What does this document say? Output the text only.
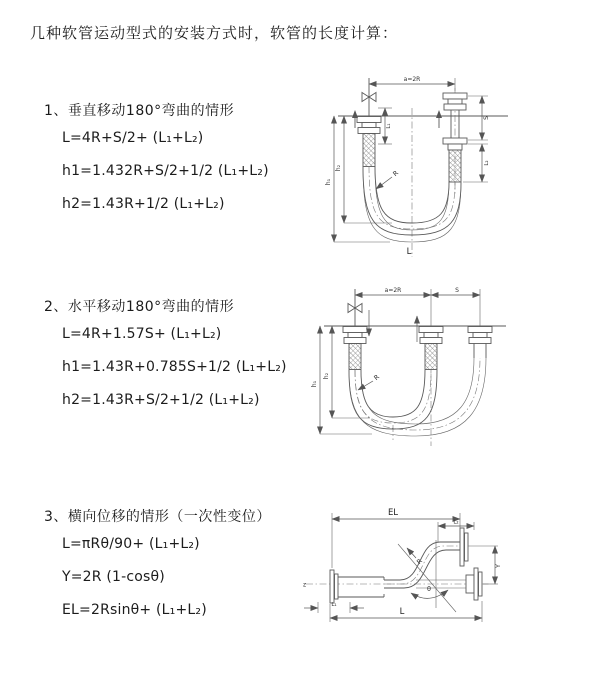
几种软管运动型式的安装方式时，软管的长度计算：
1、垂直移动180°弯曲的情形
L=4R+S/2+ (L₁+L₂)
h1=1.432R+S/2+1/2 (L₁+L₂)
h2=1.43R+1/2 (L₁+L₂)
2、水平移动180°弯曲的情形
L=4R+1.57S+ (L₁+L₂)
h1=1.43R+0.785S+1/2 (L₁+L₂)
h2=1.43R+S/2+1/2 (L₁+L₂)
3、横向位移的情形（一次性变位）
L=πRθ/90+ (L₁+L₂)
Y=2R (1-cosθ)
EL=2Rsinθ+ (L₁+L₂)
a=2R
h₁
h₂
L₁
R
L
S
L₂
a=2R	S
h₁
h₂	R
EL
L₂
z
Y
L
L₁
R
θ
